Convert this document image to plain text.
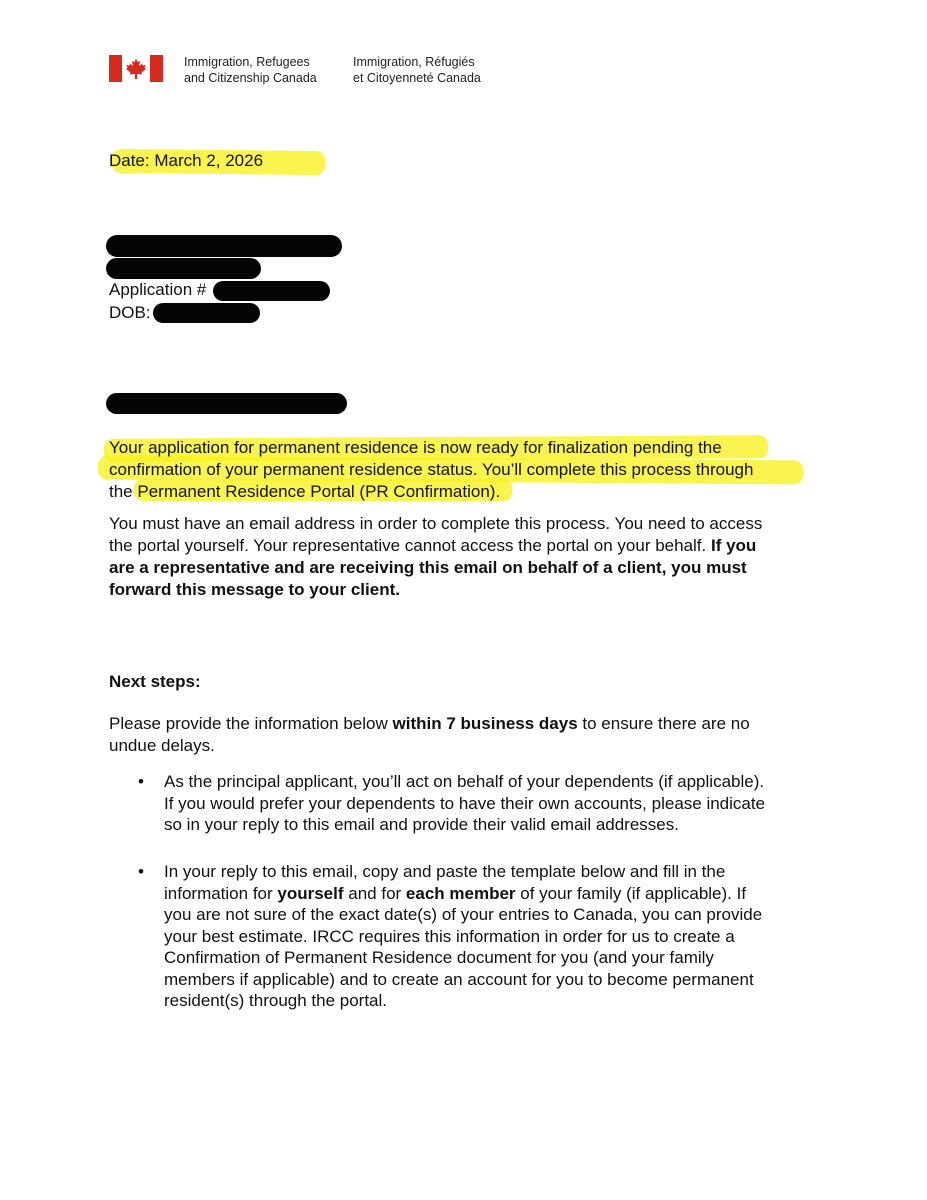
Immigration, Refugees
and Citizenship Canada
Immigration, Réfugiés
et Citoyenneté Canada
Date: March 2, 2026
Application #
DOB:
Your application for permanent residence is now ready for finalization pending the
confirmation of your permanent residence status. You’ll complete this process through
the Permanent Residence Portal (PR Confirmation).
You must have an email address in order to complete this process. You need to access
the portal yourself. Your representative cannot access the portal on your behalf. If you
are a representative and are receiving this email on behalf of a client, you must
forward this message to your client.
Next steps:
Please provide the information below within 7 business days to ensure there are no
undue delays.
• As the principal applicant, you’ll act on behalf of your dependents (if applicable).
If you would prefer your dependents to have their own accounts, please indicate
so in your reply to this email and provide their valid email addresses.
• In your reply to this email, copy and paste the template below and fill in the
information for yourself and for each member of your family (if applicable). If
you are not sure of the exact date(s) of your entries to Canada, you can provide
your best estimate. IRCC requires this information in order for us to create a
Confirmation of Permanent Residence document for you (and your family
members if applicable) and to create an account for you to become permanent
resident(s) through the portal.
